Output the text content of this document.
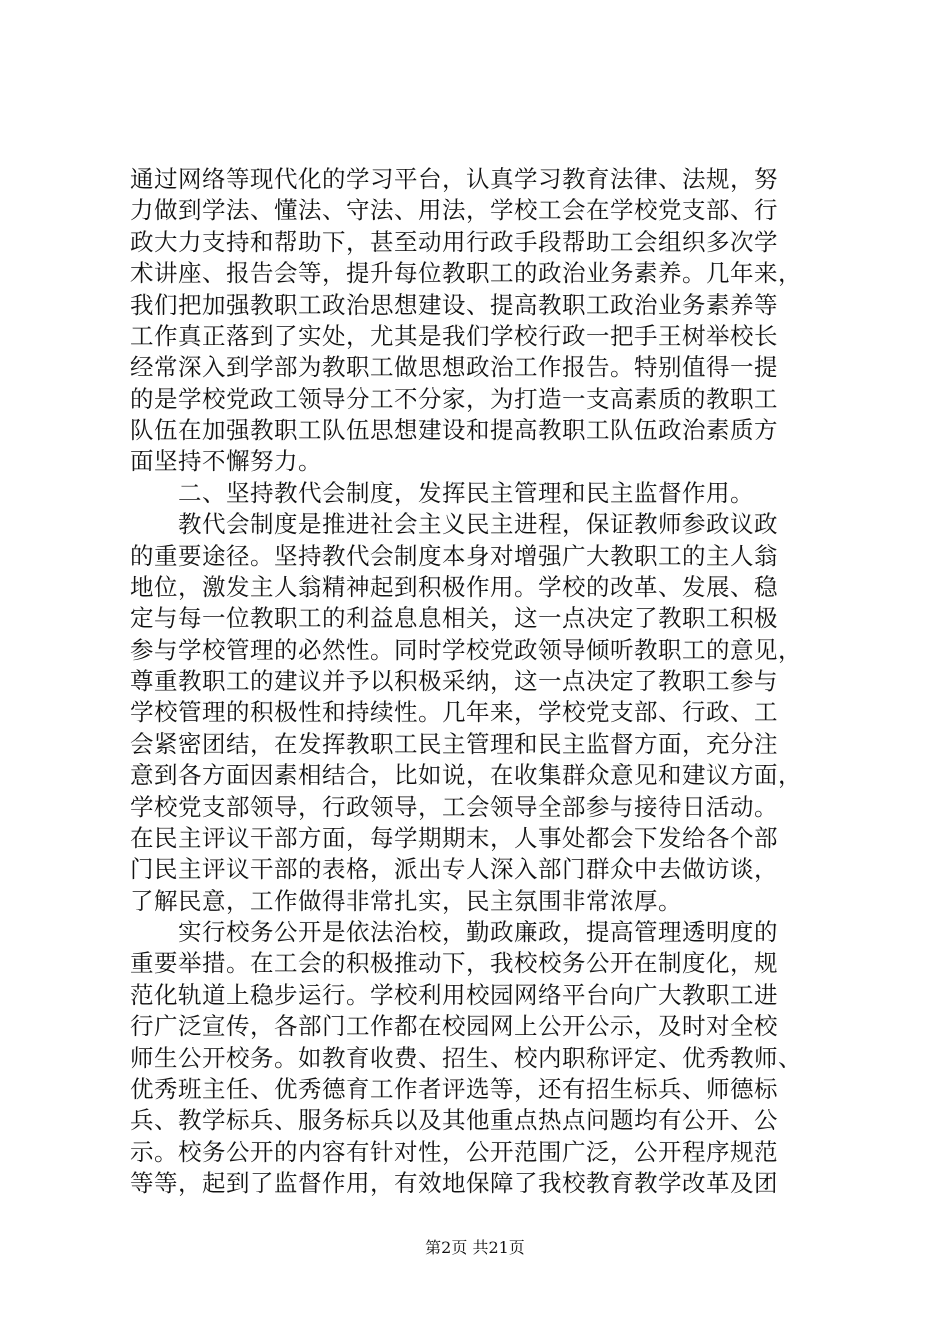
通过网络等现代化的学习平台，认真学习教育法律、法规，努
力做到学法、懂法、守法、用法，学校工会在学校党支部、行
政大力支持和帮助下，甚至动用行政手段帮助工会组织多次学
术讲座、报告会等，提升每位教职工的政治业务素养。几年来，
我们把加强教职工政治思想建设、提高教职工政治业务素养等
工作真正落到了实处，尤其是我们学校行政一把手王树举校长
经常深入到学部为教职工做思想政治工作报告。特别值得一提
的是学校党政工领导分工不分家，为打造一支高素质的教职工
队伍在加强教职工队伍思想建设和提高教职工队伍政治素质方
面坚持不懈努力。
　　二、坚持教代会制度，发挥民主管理和民主监督作用。
　　教代会制度是推进社会主义民主进程，保证教师参政议政
的重要途径。坚持教代会制度本身对增强广大教职工的主人翁
地位，激发主人翁精神起到积极作用。学校的改革、发展、稳
定与每一位教职工的利益息息相关，这一点决定了教职工积极
参与学校管理的必然性。同时学校党政领导倾听教职工的意见，
尊重教职工的建议并予以积极采纳，这一点决定了教职工参与
学校管理的积极性和持续性。几年来，学校党支部、行政、工
会紧密团结，在发挥教职工民主管理和民主监督方面，充分注
意到各方面因素相结合，比如说，在收集群众意见和建议方面，
学校党支部领导，行政领导，工会领导全部参与接待日活动。
在民主评议干部方面，每学期期末，人事处都会下发给各个部
门民主评议干部的表格，派出专人深入部门群众中去做访谈，
了解民意，工作做得非常扎实，民主氛围非常浓厚。
　　实行校务公开是依法治校，勤政廉政，提高管理透明度的
重要举措。在工会的积极推动下，我校校务公开在制度化，规
范化轨道上稳步运行。学校利用校园网络平台向广大教职工进
行广泛宣传，各部门工作都在校园网上公开公示，及时对全校
师生公开校务。如教育收费、招生、校内职称评定、优秀教师、
优秀班主任、优秀德育工作者评选等，还有招生标兵、师德标
兵、教学标兵、服务标兵以及其他重点热点问题均有公开、公
示。校务公开的内容有针对性，公开范围广泛，公开程序规范
等等，起到了监督作用，有效地保障了我校教育教学改革及团
第2页 共21页
